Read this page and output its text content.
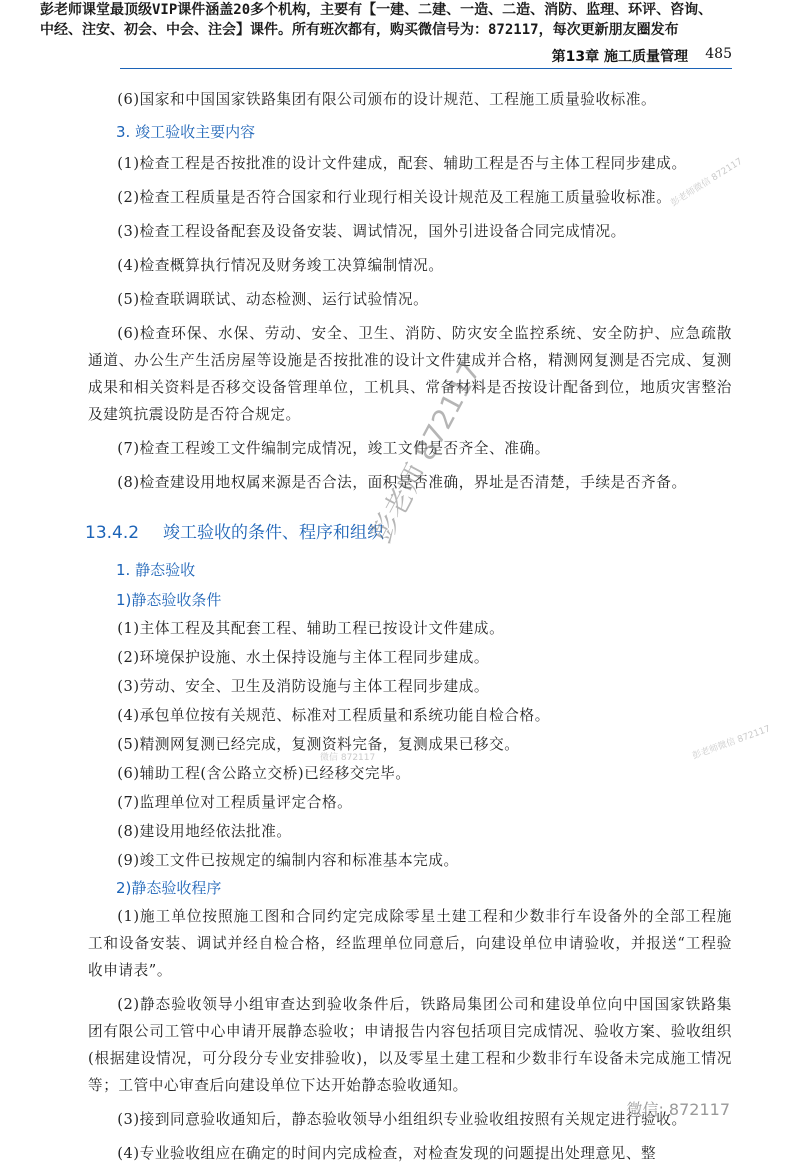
彭老师课堂最顶级VIP课件涵盖20多个机构，主要有【一建、二建、一造、二造、消防、监理、环评、咨询、
中经、注安、初会、中会、注会】课件。所有班次都有，购买微信号为：872117，每次更新朋友圈发布
第13章 施工质量管理 485

(6)国家和中国国家铁路集团有限公司颁布的设计规范、工程施工质量验收标准。

3. 竣工验收主要内容

(1)检查工程是否按批准的设计文件建成，配套、辅助工程是否与主体工程同步建成。

(2)检查工程质量是否符合国家和行业现行相关设计规范及工程施工质量验收标准。

(3)检查工程设备配套及设备安装、调试情况，国外引进设备合同完成情况。

(4)检查概算执行情况及财务竣工决算编制情况。

(5)检查联调联试、动态检测、运行试验情况。

(6)检查环保、水保、劳动、安全、卫生、消防、防灾安全监控系统、安全防护、应急疏散通道、办公生产生活房屋等设施是否按批准的设计文件建成并合格，精测网复测是否完成、复测成果和相关资料是否移交设备管理单位，工机具、常备材料是否按设计配备到位，地质灾害整治及建筑抗震设防是否符合规定。

(7)检查工程竣工文件编制完成情况，竣工文件是否齐全、准确。

(8)检查建设用地权属来源是否合法，面积是否准确，界址是否清楚，手续是否齐备。

13.4.2 竣工验收的条件、程序和组织
1. 静态验收
1)静态验收条件

(1)主体工程及其配套工程、辅助工程已按设计文件建成。

(2)环境保护设施、水土保持设施与主体工程同步建成。

(3)劳动、安全、卫生及消防设施与主体工程同步建成。

(4)承包单位按有关规范、标准对工程质量和系统功能自检合格。

(5)精测网复测已经完成，复测资料完备，复测成果已移交。

(6)辅助工程(含公路立交桥)已经移交完毕。

(7)监理单位对工程质量评定合格。

(8)建设用地经依法批准。

(9)竣工文件已按规定的编制内容和标准基本完成。

2)静态验收程序

(1)施工单位按照施工图和合同约定完成除零星土建工程和少数非行车设备外的全部工程施工和设备安装、调试并经自检合格，经监理单位同意后，向建设单位申请验收，并报送“工程验收申请表”。

(2)静态验收领导小组审查达到验收条件后，铁路局集团公司和建设单位向中国国家铁路集团有限公司工管中心申请开展静态验收；申请报告内容包括项目完成情况、验收方案、验收组织(根据建设情况，可分段分专业安排验收)，以及零星土建工程和少数非行车设备未完成施工情况等；工管中心审查后向建设单位下达开始静态验收通知。

(3)接到同意验收通知后，静态验收领导小组组织专业验收组按照有关规定进行验收。

(4)专业验收组应在确定的时间内完成检查，对检查发现的问题提出处理意见、整

彭老师 872117
彭老师微信 872117
微信 872117	彭老师微信 872117
微信: 872117
